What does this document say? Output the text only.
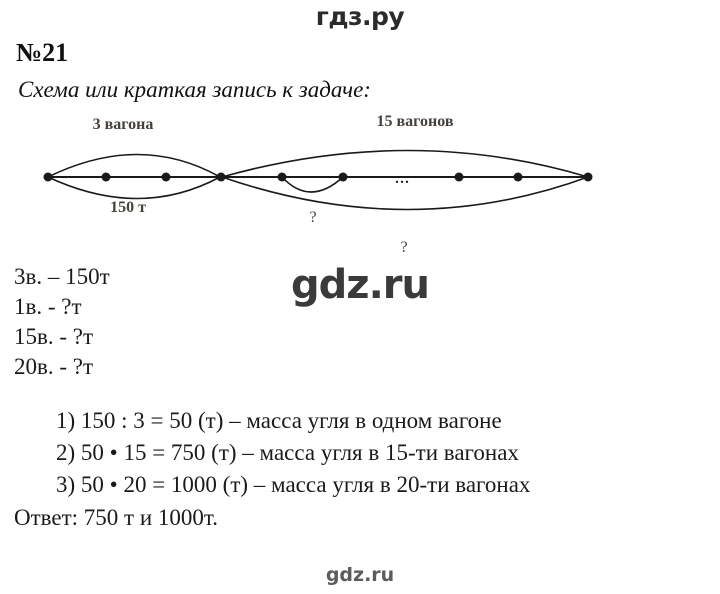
гдз.ру
№21
Схема или краткая запись к задаче:
...
3 вагона	15 вагонов
150 т
?
?
gdz.ru
3в. – 150т
1в. - ?т
15в. - ?т
20в. - ?т
1) 150 : 3 = 50 (т) – масса угля в одном вагоне
2) 50 • 15 = 750 (т) – масса угля в 15-ти вагонах
3) 50 • 20 = 1000 (т) – масса угля в 20-ти вагонах
Ответ: 750 т и 1000т.
gdz.ru
